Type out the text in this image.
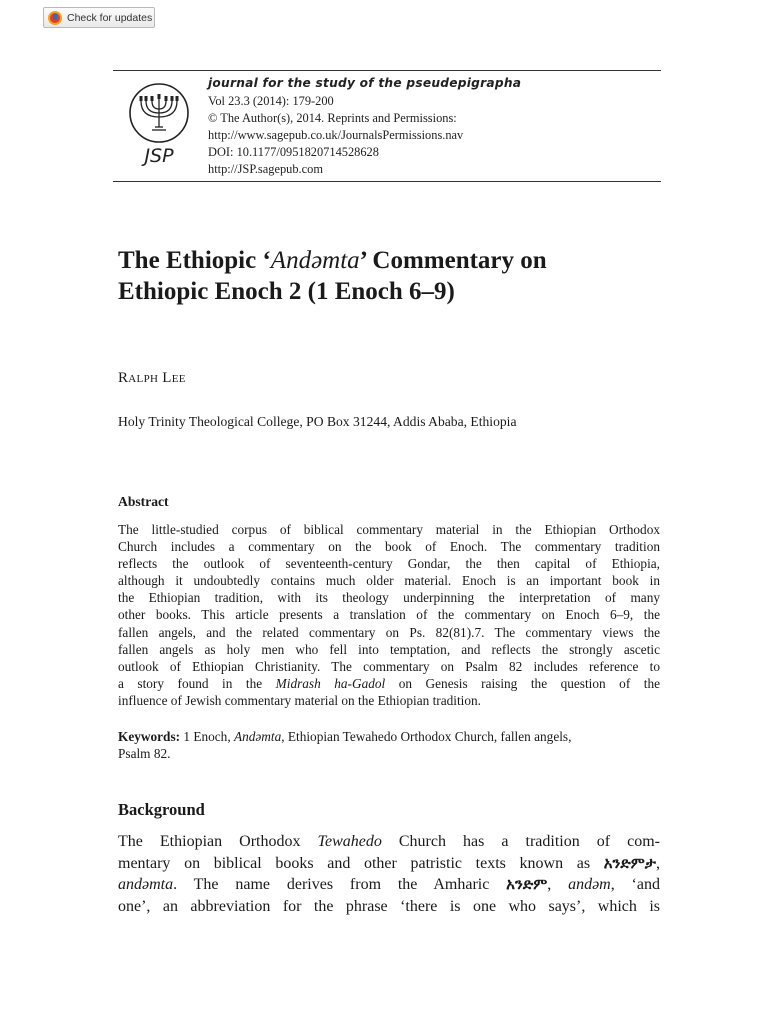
Check for updates
JSP
journal for the study of the pseudepigrapha
Vol 23.3 (2014): 179-200
© The Author(s), 2014. Reprints and Permissions:
http://www.sagepub.co.uk/JournalsPermissions.nav
DOI: 10.1177/0951820714528628
http://JSP.sagepub.com
The Ethiopic ‘Andəmta’ Commentary on
Ethiopic Enoch 2 (1 Enoch 6–9)
Ralph Lee
Holy Trinity Theological College, PO Box 31244, Addis Ababa, Ethiopia
Abstract
The little-studied corpus of biblical commentary material in the Ethiopian Orthodox
Church includes a commentary on the book of Enoch. The commentary tradition
reflects the outlook of seventeenth-century Gondar, the then capital of Ethiopia,
although it undoubtedly contains much older material. Enoch is an important book in
the Ethiopian tradition, with its theology underpinning the interpretation of many
other books. This article presents a translation of the commentary on Enoch 6–9, the
fallen angels, and the related commentary on Ps. 82(81).7. The commentary views the
fallen angels as holy men who fell into temptation, and reflects the strongly ascetic
outlook of Ethiopian Christianity. The commentary on Psalm 82 includes reference to
a story found in the Midrash ha-Gadol on Genesis raising the question of the
influence of Jewish commentary material on the Ethiopian tradition.
Keywords: 1 Enoch, Andəmta, Ethiopian Tewahedo Orthodox Church, fallen angels,
Psalm 82.
Background
The Ethiopian Orthodox Tewahedo Church has a tradition of com-
mentary on biblical books and other patristic texts known as አንድምታ,
andəmta. The name derives from the Amharic አንድም, andəm, ‘and
one’, an abbreviation for the phrase ‘there is one who says’, which is
